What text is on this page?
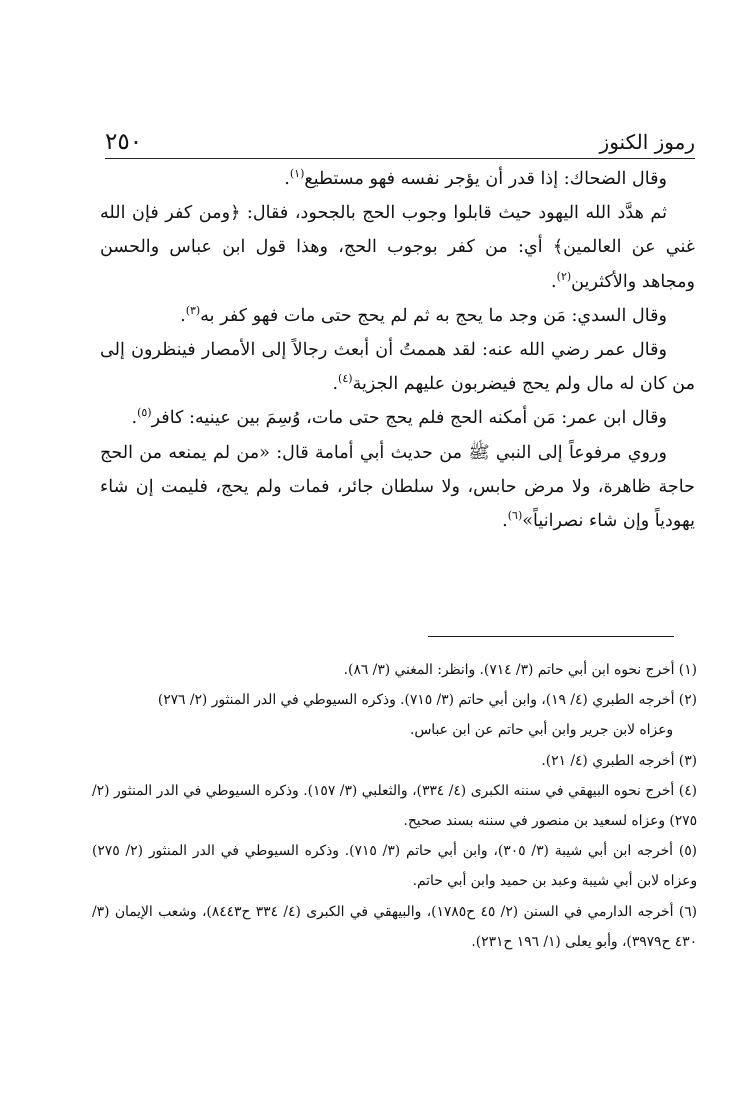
٢٥٠	رموز الكنوز

وقال الضحاك: إذا قدر أن يؤجر نفسه فهو مستطيع$^{(١)}$.

ثم هدَّد الله اليهود حيث قابلوا وجوب الحج بالجحود، فقال: ﴿ومن كفر فإن الله غني عن العالمين﴾ أي: من كفر بوجوب الحج، وهذا قول ابن عباس والحسن ومجاهد والأكثرين$^{(٢)}$.

وقال السدي: مَن وجد ما يحج به ثم لم يحج حتى مات فهو كفر به$^{(٣)}$.

وقال عمر رضي الله عنه: لقد هممتُ أن أبعث رجالاً إلى الأمصار فينظرون إلى من كان له مال ولم يحج فيضربون عليهم الجزية$^{(٤)}$.

وقال ابن عمر: مَن أمكنه الحج فلم يحج حتى مات، وُسِمَ بين عينيه: كافر$^{(٥)}$.

وروي مرفوعاً إلى النبي ﷺ من حديث أبي أمامة قال: «من لم يمنعه من الحج حاجة ظاهرة، ولا مرض حابس، ولا سلطان جائر، فمات ولم يحج، فليمت إن شاء يهودياً وإن شاء نصرانياً»$^{(٦)}$.

(١) أخرج نحوه ابن أبي حاتم (٣/ ٧١٤). وانظر: المغني (٣/ ٨٦).

(٢) أخرجه الطبري (٤/ ١٩)، وابن أبي حاتم (٣/ ٧١٥). وذكره السيوطي في الدر المنثور (٢/ ٢٧٦)

وعزاه لابن جرير وابن أبي حاتم عن ابن عباس.

(٣) أخرجه الطبري (٤/ ٢١).

(٤) أخرج نحوه البيهقي في سننه الكبرى (٤/ ٣٣٤)، والثعلبي (٣/ ١٥٧). وذكره السيوطي في الدر المنثور (٢/ ٢٧٥) وعزاه لسعيد بن منصور في سننه بسند صحيح.

(٥) أخرجه ابن أبي شيبة (٣/ ٣٠٥)، وابن أبي حاتم (٣/ ٧١٥). وذكره السيوطي في الدر المنثور (٢/ ٢٧٥) وعزاه لابن أبي شيبة وعبد بن حميد وابن أبي حاتم.

(٦) أخرجه الدارمي في السنن (٢/ ٤٥ ح١٧٨٥)، والبيهقي في الكبرى (٤/ ٣٣٤ ح٨٤٤٣)، وشعب الإيمان (٣/ ٤٣٠ ح٣٩٧٩)، وأبو يعلى (١/ ١٩٦ ح٢٣١).
